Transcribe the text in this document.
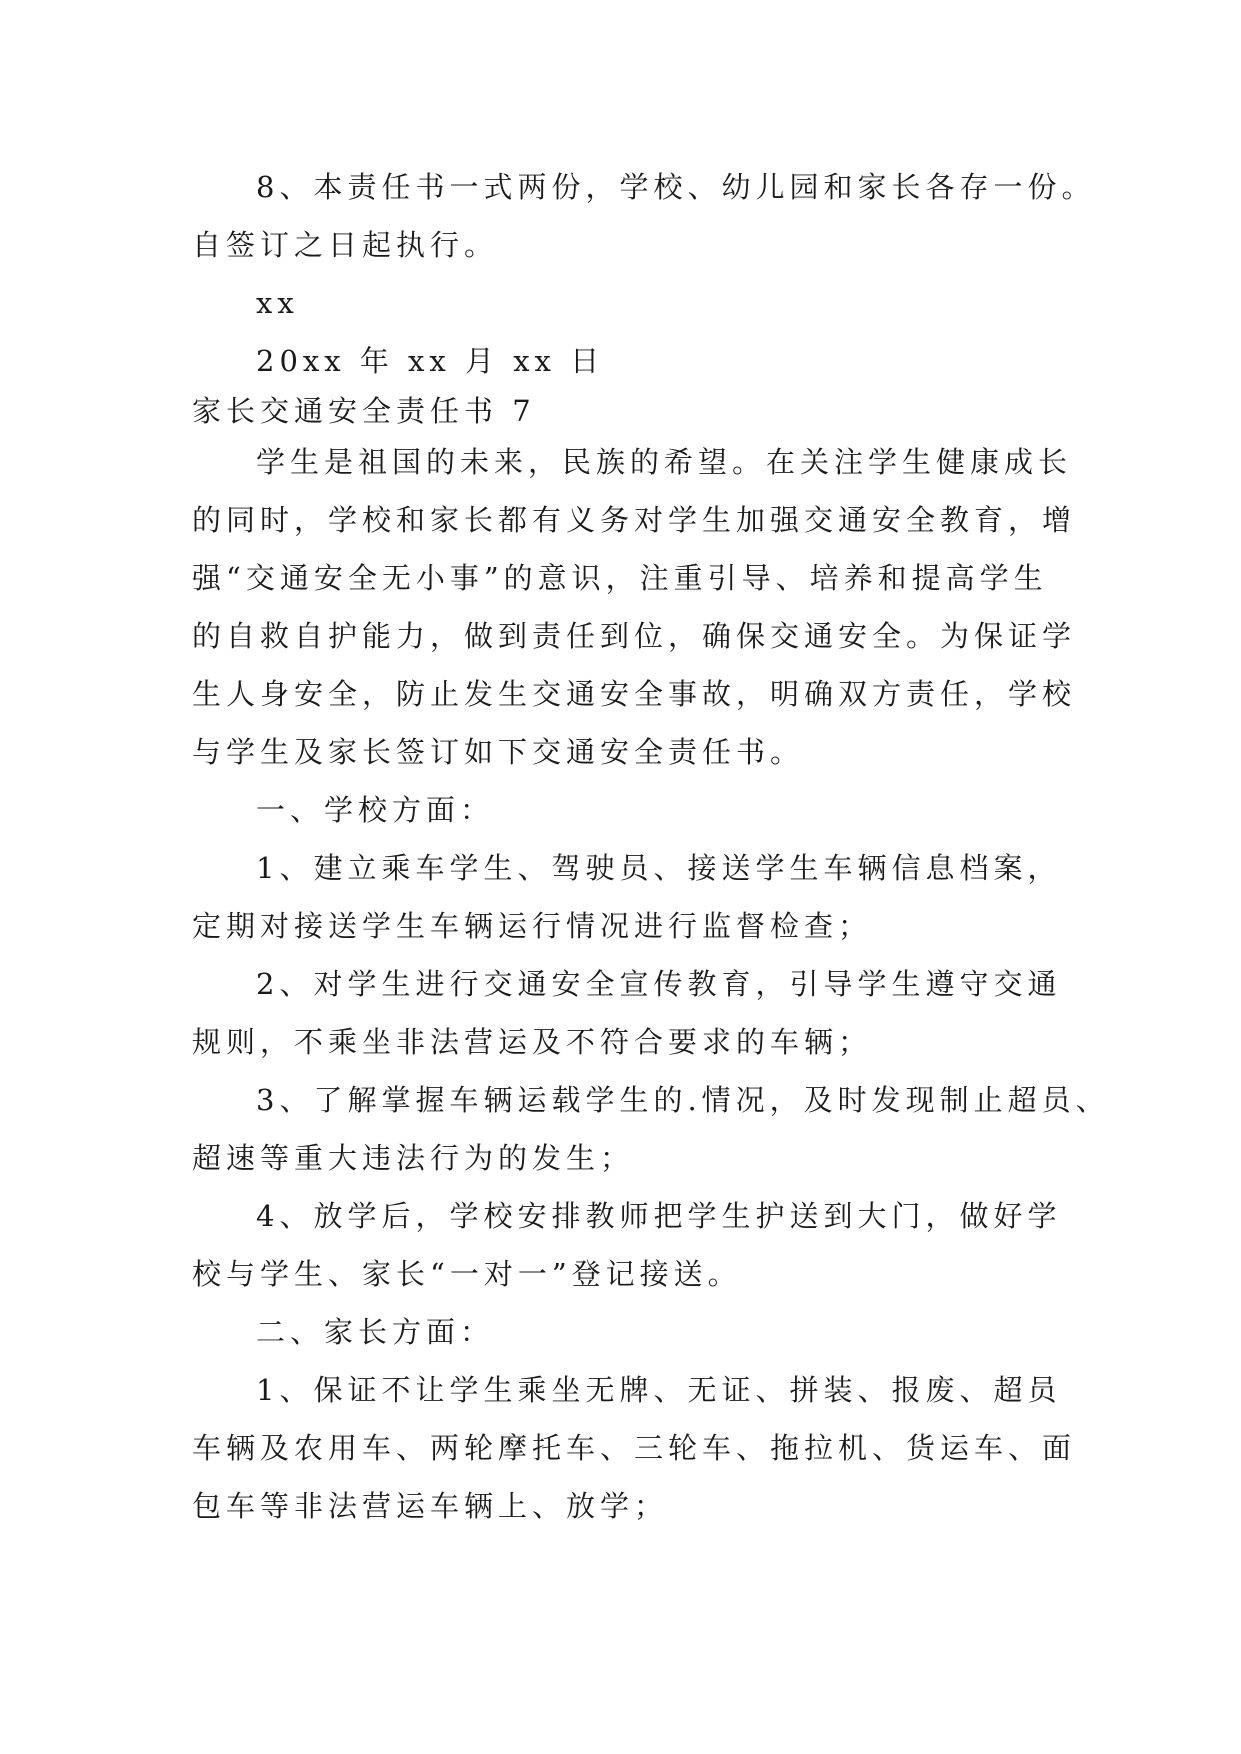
8、本责任书一式两份，学校、幼儿园和家长各存一份。
自签订之日起执行。
xx
20xx 年 xx 月 xx 日
家长交通安全责任书 7
学生是祖国的未来，民族的希望。在关注学生健康成长
的同时，学校和家长都有义务对学生加强交通安全教育，增
强“交通安全无小事”的意识，注重引导、培养和提高学生
的自救自护能力，做到责任到位，确保交通安全。为保证学
生人身安全，防止发生交通安全事故，明确双方责任，学校
与学生及家长签订如下交通安全责任书。
一、学校方面：
1、建立乘车学生、驾驶员、接送学生车辆信息档案，
定期对接送学生车辆运行情况进行监督检查；
2、对学生进行交通安全宣传教育，引导学生遵守交通
规则，不乘坐非法营运及不符合要求的车辆；
3、了解掌握车辆运载学生的.情况，及时发现制止超员、
超速等重大违法行为的发生；
4、放学后，学校安排教师把学生护送到大门，做好学
校与学生、家长“一对一”登记接送。
二、家长方面：
1、保证不让学生乘坐无牌、无证、拼装、报废、超员
车辆及农用车、两轮摩托车、三轮车、拖拉机、货运车、面
包车等非法营运车辆上、放学；
